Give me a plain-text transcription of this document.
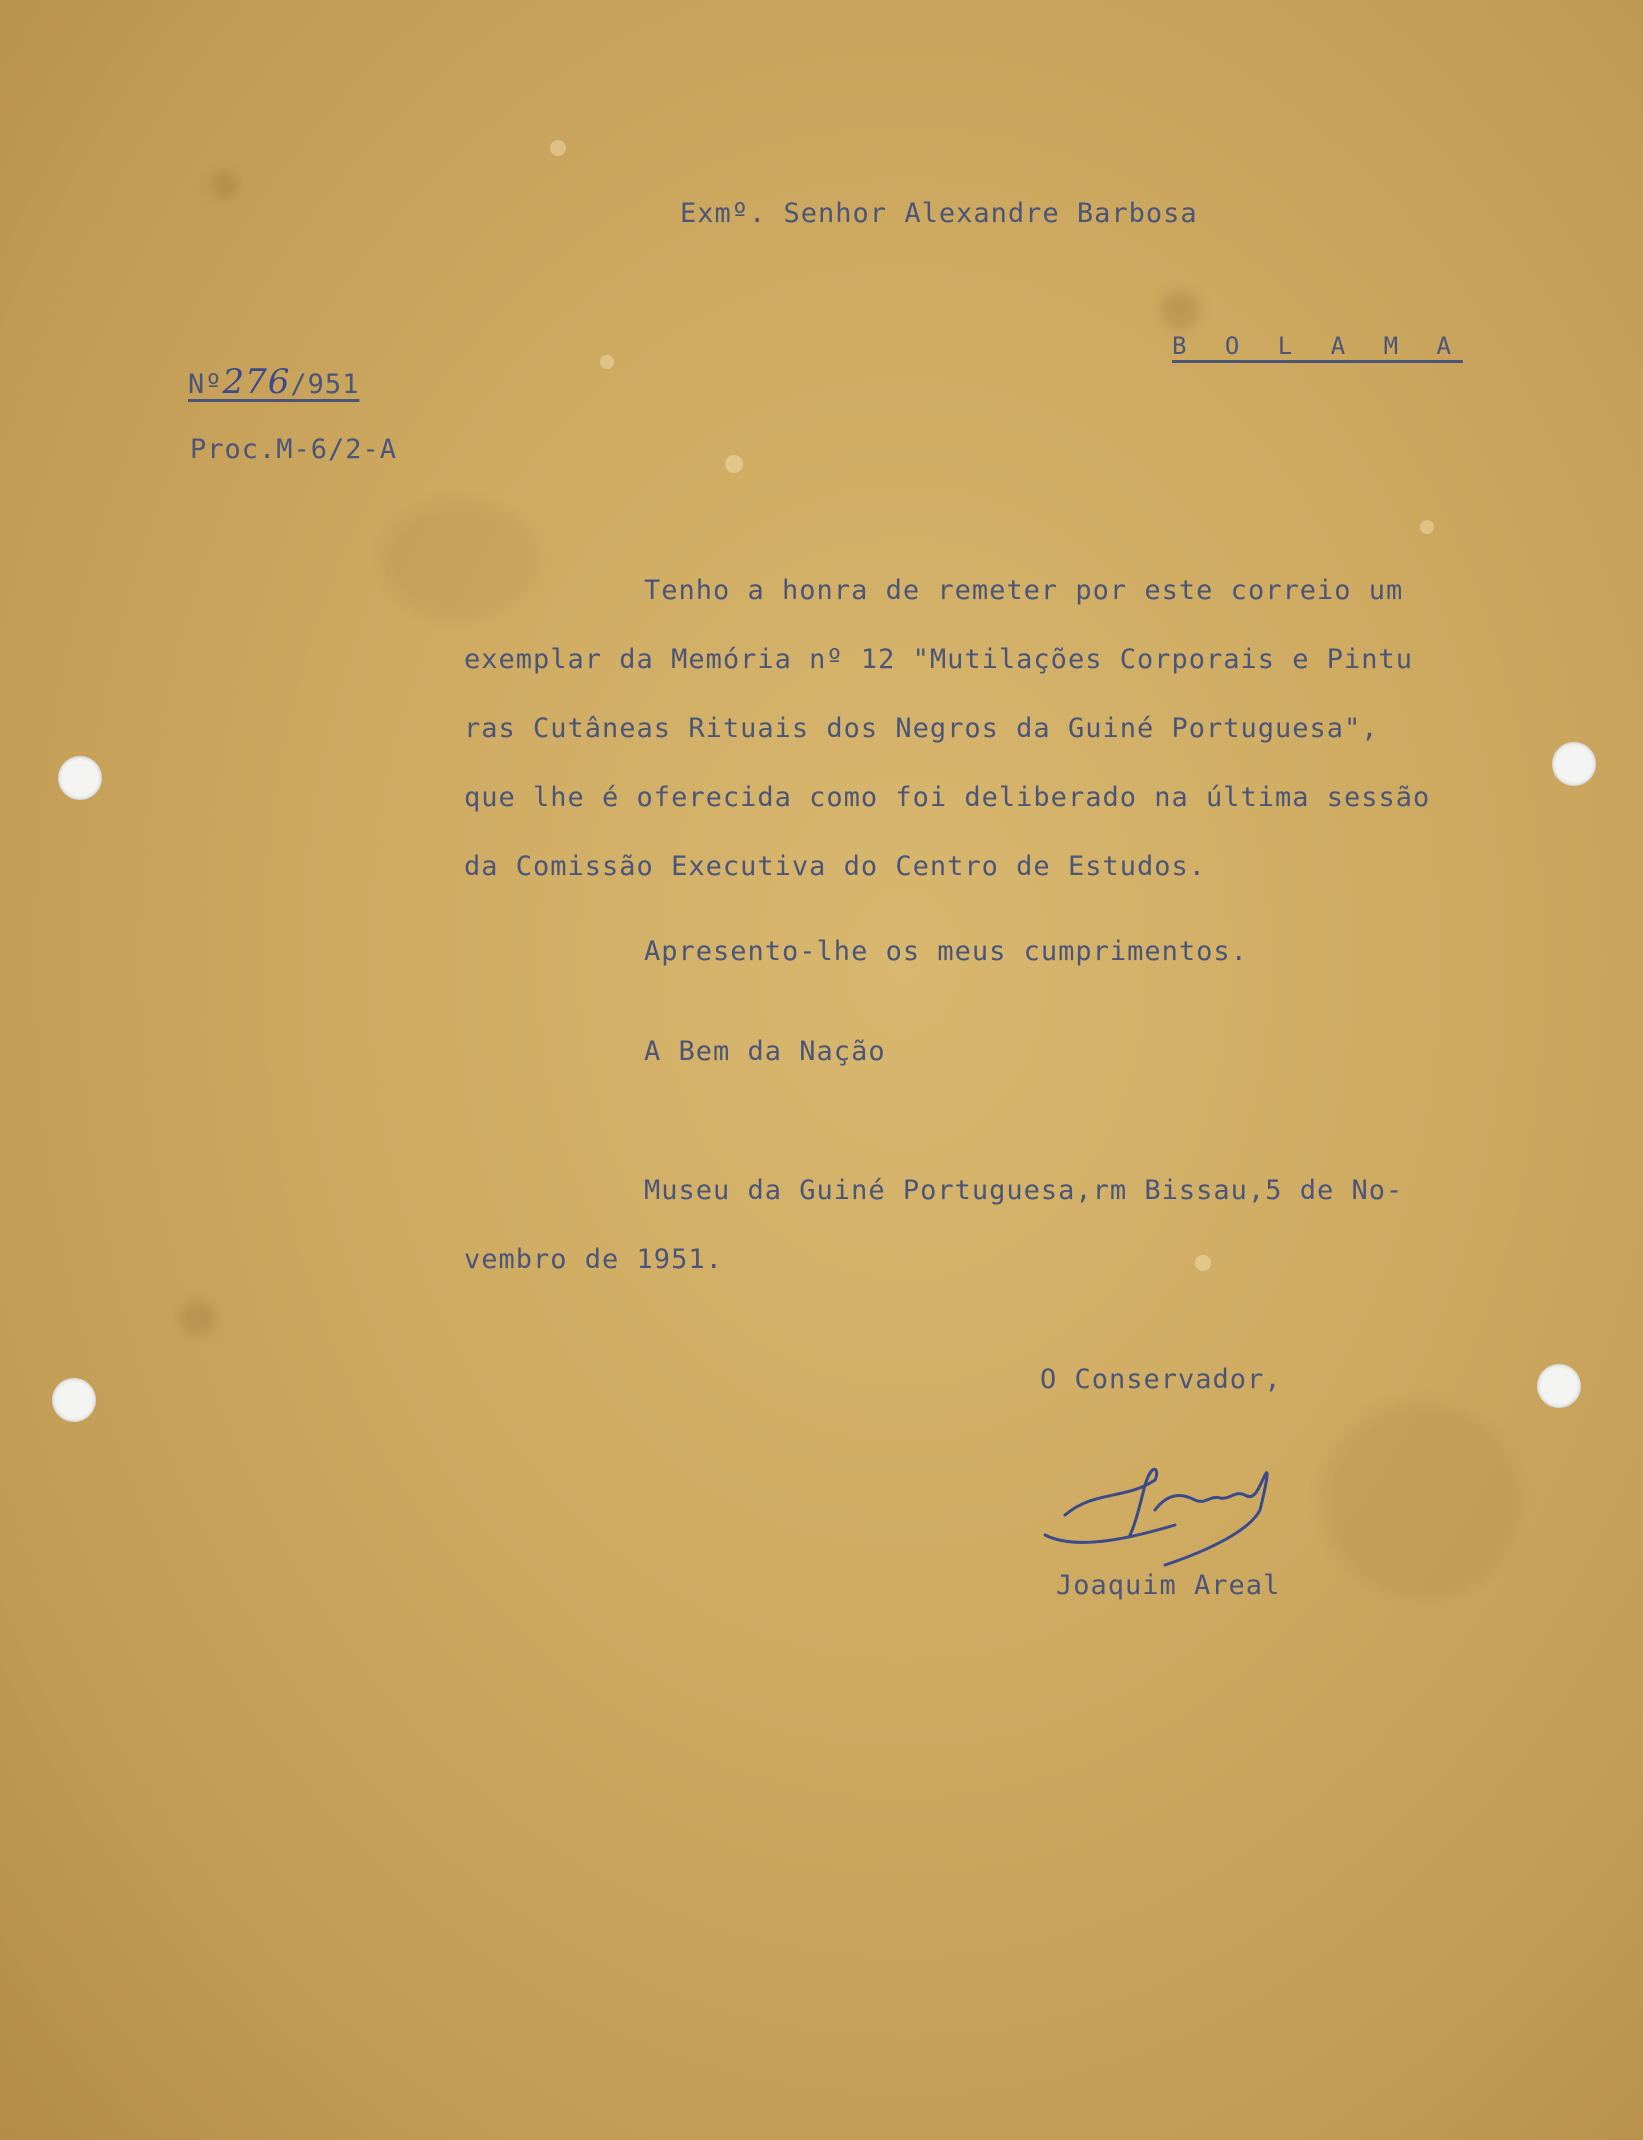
Exmº. Senhor Alexandre Barbosa
B O L A M A
Nº276/951
Proc.M-6/2-A
Tenho a honra de remeter por este correio um
exemplar da Memória nº 12 "Mutilações Corporais e Pintu
ras Cutâneas Rituais dos Negros da Guiné Portuguesa",
que lhe é oferecida como foi deliberado na última sessão
da Comissão Executiva do Centro de Estudos.
Apresento-lhe os meus cumprimentos.
A Bem da Nação
Museu da Guiné Portuguesa,rm Bissau,5 de No-
vembro de 1951.
O Conservador,
Joaquim Areal
